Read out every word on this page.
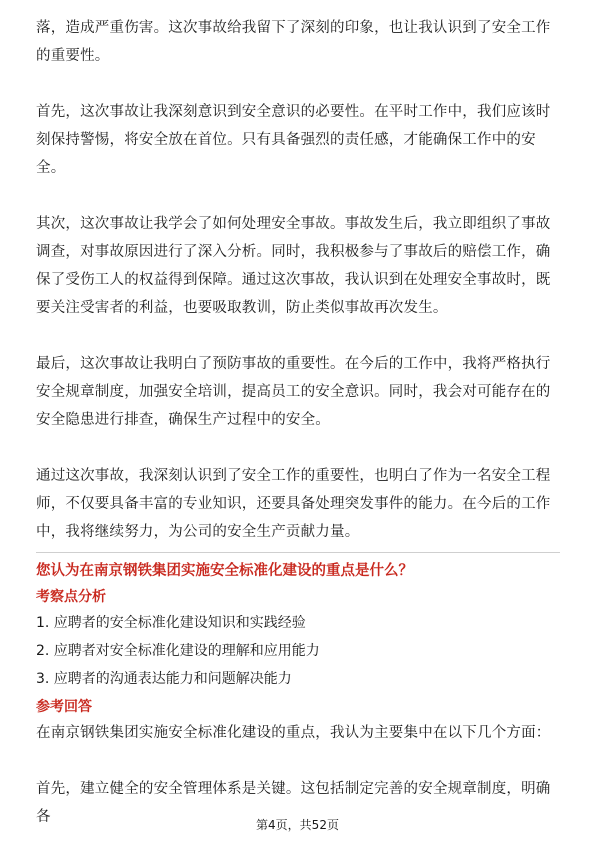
落，造成严重伤害。这次事故给我留下了深刻的印象，也让我认识到了安全工作的重要性。

首先，这次事故让我深刻意识到安全意识的必要性。在平时工作中，我们应该时刻保持警惕，将安全放在首位。只有具备强烈的责任感，才能确保工作中的安全。

其次，这次事故让我学会了如何处理安全事故。事故发生后，我立即组织了事故调查，对事故原因进行了深入分析。同时，我积极参与了事故后的赔偿工作，确保了受伤工人的权益得到保障。通过这次事故，我认识到在处理安全事故时，既要关注受害者的利益，也要吸取教训，防止类似事故再次发生。

最后，这次事故让我明白了预防事故的重要性。在今后的工作中，我将严格执行安全规章制度，加强安全培训，提高员工的安全意识。同时，我会对可能存在的安全隐患进行排查，确保生产过程中的安全。

通过这次事故，我深刻认识到了安全工作的重要性，也明白了作为一名安全工程师，不仅要具备丰富的专业知识，还要具备处理突发事件的能力。在今后的工作中，我将继续努力，为公司的安全生产贡献力量。

您认为在南京钢铁集团实施安全标准化建设的重点是什么？

考察点分析

1. 应聘者的安全标准化建设知识和实践经验
2. 应聘者对安全标准化建设的理解和应用能力
3. 应聘者的沟通表达能力和问题解决能力

参考回答

在南京钢铁集团实施安全标准化建设的重点，我认为主要集中在以下几个方面：

首先，建立健全的安全管理体系是关键。这包括制定完善的安全规章制度，明确各	第4页，共52页
